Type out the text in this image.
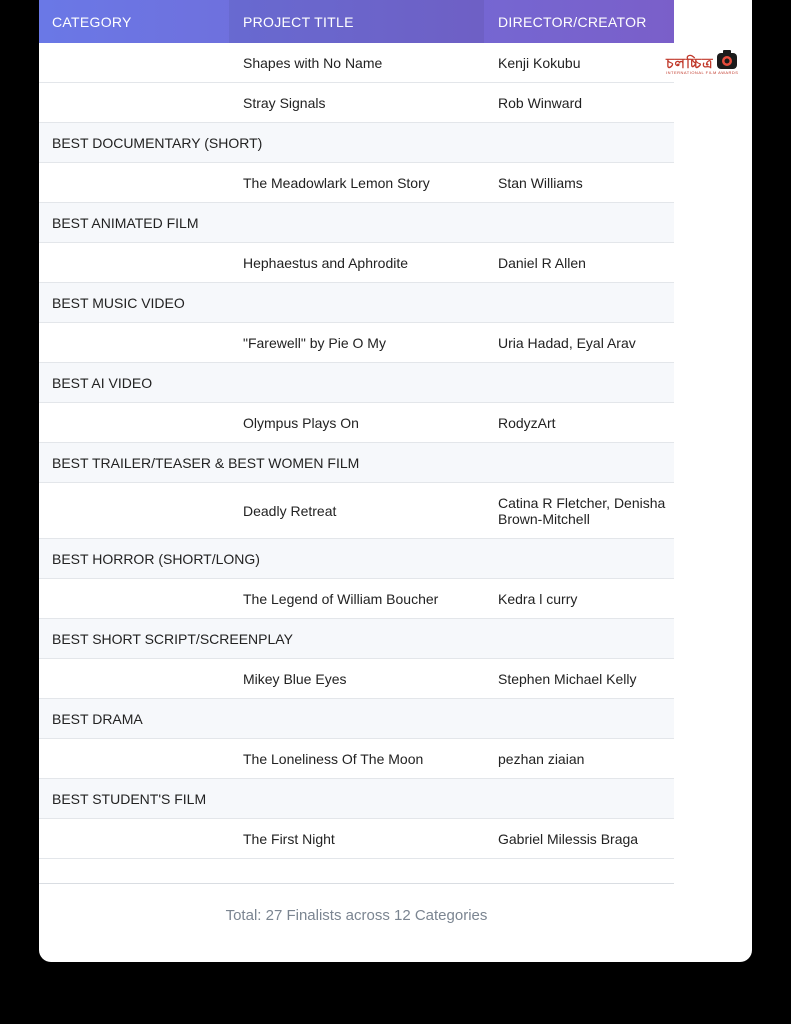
CATEGORY	PROJECT TITLE	DIRECTOR/CREATOR
Shapes with No Name	Kenji Kokubu
Stray Signals	Rob Winward
BEST DOCUMENTARY (SHORT)
The Meadowlark Lemon Story	Stan Williams
BEST ANIMATED FILM
Hephaestus and Aphrodite	Daniel R Allen
BEST MUSIC VIDEO
"Farewell" by Pie O My	Uria Hadad, Eyal Arav
BEST AI VIDEO
Olympus Plays On	RodyzArt
BEST TRAILER/TEASER & BEST WOMEN FILM
Deadly Retreat	Catina R Fletcher, Denisha Brown-Mitchell
BEST HORROR (SHORT/LONG)
The Legend of William Boucher	Kedra l curry
BEST SHORT SCRIPT/SCREENPLAY
Mikey Blue Eyes	Stephen Michael Kelly
BEST DRAMA
The Loneliness Of The Moon	pezhan ziaian
BEST STUDENT'S FILM
The First Night	Gabriel Milessis Braga
চলচ্চিত্র
INTERNATIONAL FILM AWARDS
Total: 27 Finalists across 12 Categories
